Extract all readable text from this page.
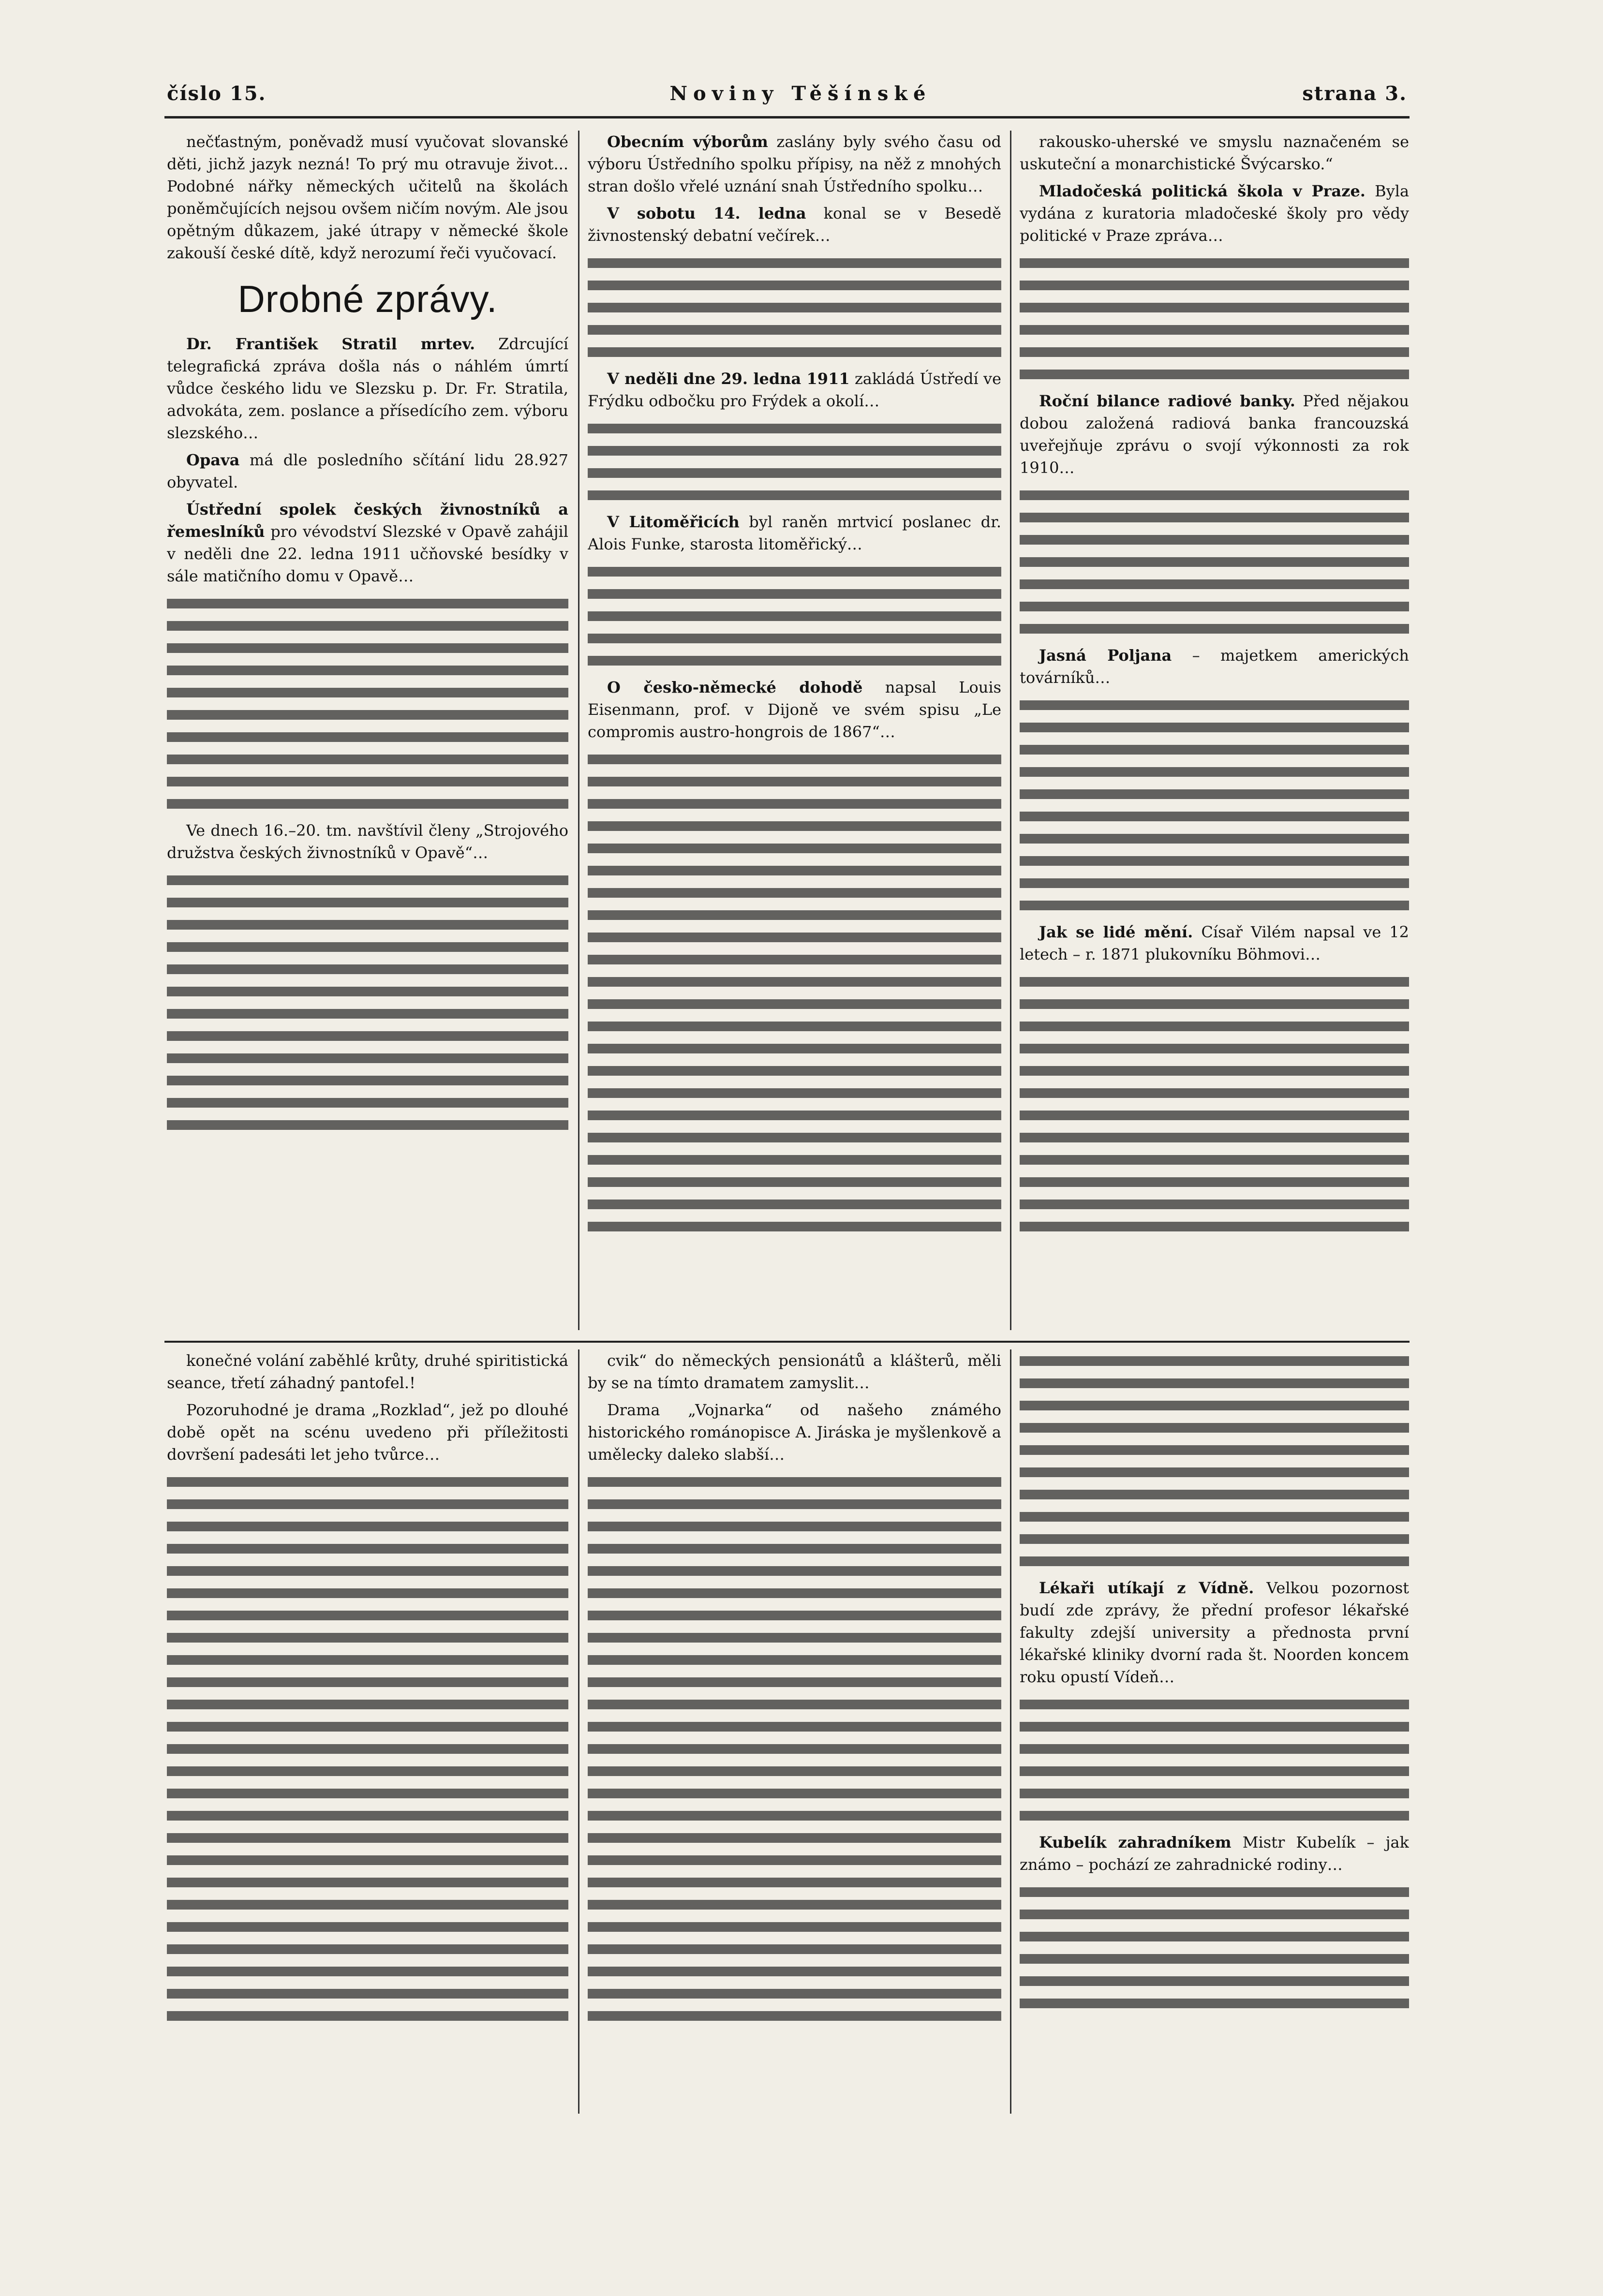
číslo 15.	Noviny Těšínské	strana 3.

nečťastným, poněvadž musí vyučovat slovanské děti, jichž jazyk nezná! To prý mu otravuje život... Podobné nářky německých učitelů na školách poněmčujících nejsou ovšem ničím novým. Ale jsou opětným důkazem, jaké útrapy v německé škole zakouší české dítě, když nerozumí řeči vyučovací.

Drobné zprávy.

Dr. František Stratil mrtev. Zdrcující telegrafická zpráva došla nás o náhlém úmrtí vůdce českého lidu ve Slezsku p. Dr. Fr. Stratila, advokáta, zem. poslance a přísedícího zem. výboru slezského…

Opava má dle posledního sčítání lidu 28.927 obyvatel.

Ústřední spolek českých živnostníků a řemeslníků pro vévodství Slezské v Opavě zahájil v neděli dne 22. ledna 1911 učňovské besídky v sále matičního domu v Opavě…

Ve dnech 16.–20. tm. navštívil členy „Strojového družstva českých živnostníků v Opavě“…

Obecním výborům zaslány byly svého času od výboru Ústředního spolku přípisy, na něž z mnohých stran došlo vřelé uznání snah Ústředního spolku…

V sobotu 14. ledna konal se v Besedě živnostenský debatní večírek…

V neděli dne 29. ledna 1911 zakládá Ústředí ve Frýdku odbočku pro Frýdek a okolí…

V Litoměřicích byl raněn mrtvicí poslanec dr. Alois Funke, starosta litoměřický…

O česko-německé dohodě napsal Louis Eisenmann, prof. v Dijoně ve svém spisu „Le compromis austro-hongrois de 1867“…

rakousko-uherské ve smyslu naznačeném se uskuteční a monarchistické Švýcarsko.“

Mladočeská politická škola v Praze. Byla vydána z kuratoria mladočeské školy pro vědy politické v Praze zpráva…

Roční bilance radiové banky. Před nějakou dobou založená radiová banka francouzská uveřejňuje zprávu o svojí výkonnosti za rok 1910…

Jasná Poljana – majetkem amerických továrníků…

Jak se lidé mění. Císař Vilém napsal ve 12 letech – r. 1871 plukovníku Böhmovi…

konečné volání zaběhlé krůty, druhé spiritistická seance, třetí záhadný pantofel.!

Pozoruhodné je drama „Rozklad“, jež po dlouhé době opět na scénu uvedeno při příležitosti dovršení padesáti let jeho tvůrce…

cvik“ do německých pensionátů a klášterů, měli by se na tímto dramatem zamyslit…

Drama „Vojnarka“ od našeho známého historického románopisce A. Jiráska je myšlenkově a umělecky daleko slabší…

Lékaři utíkají z Vídně. Velkou pozornost budí zde zprávy, že přední profesor lékařské fakulty zdejší university a přednosta první lékařské kliniky dvorní rada št. Noorden koncem roku opustí Vídeň…

Kubelík zahradníkem Mistr Kubelík – jak známo – pochází ze zahradnické rodiny…
